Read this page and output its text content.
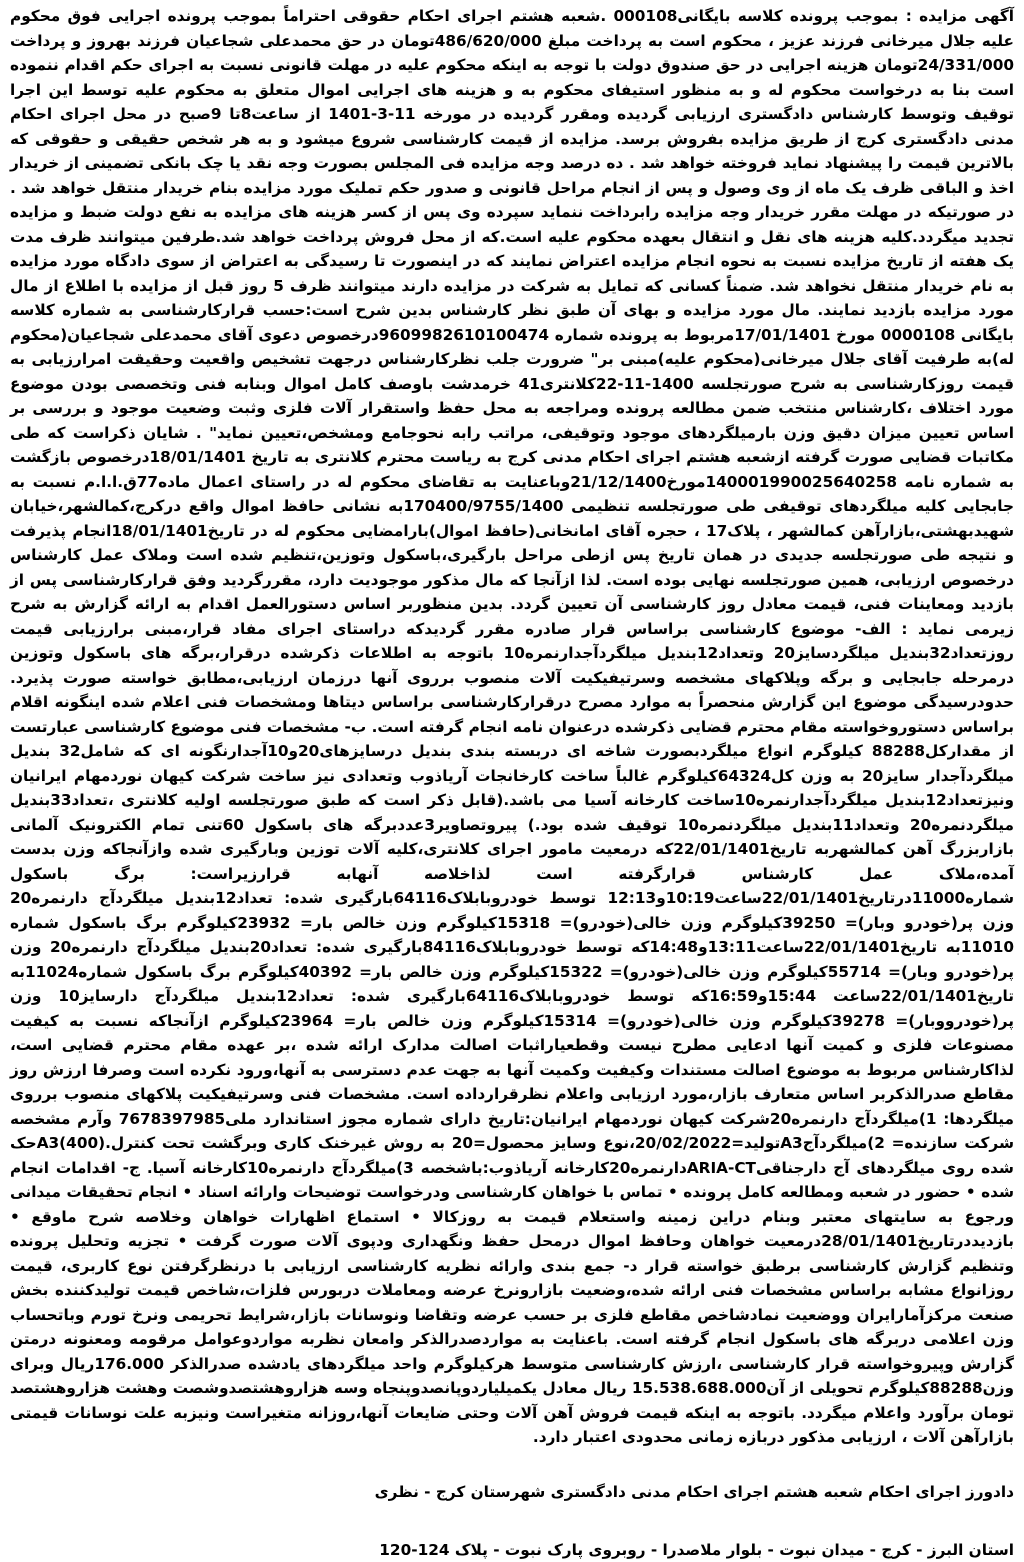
آگهی مزایده : بموجب پرونده کلاسه بایگانی000108 .شعبه هشتم اجرای احکام حقوقی احتراماً بموجب پرونده اجرایی فوق محکوم علیه جلال میرخانی فرزند عزیز ، محکوم است به پرداخت مبلغ 486/620/000تومان در حق محمدعلی شجاعیان فرزند بهروز و پرداخت 24/331/000تومان هزینه اجرایی در حق صندوق دولت با توجه به اینکه محکوم علیه در مهلت قانونی نسبت به اجرای حکم اقدام ننموده است بنا به درخواست محکوم له و به منظور استیفای محکوم به و هزینه های اجرایی اموال متعلق به محکوم علیه توسط این اجرا توقیف وتوسط کارشناس دادگستری ارزیابی گردیده ومقرر گردیده در مورخه 11-3-1401 از ساعت8تا 9صبح در محل اجرای احکام مدنی دادگستری کرج از طریق مزایده بفروش برسد. مزایده از قیمت کارشناسی شروع میشود و به هر شخص حقیقی و حقوقی که بالاترین قیمت را پیشنهاد نماید فروخته خواهد شد . ده درصد وجه مزایده فی المجلس بصورت وجه نقد یا چک بانکی تضمینی از خریدار اخذ و الباقی ظرف یک ماه از وی وصول و پس از انجام مراحل قانونی و صدور حکم تملیک مورد مزایده بنام خریدار منتقل خواهد شد . در صورتیکه در مهلت مقرر خریدار وجه مزایده رابرداخت ننماید سپرده وی پس از کسر هزینه های مزایده به نفع دولت ضبط و مزایده تجدید میگردد.کلیه هزینه های نقل و انتقال بعهده محکوم علیه است.که از محل فروش پرداخت خواهد شد.طرفین میتوانند ظرف مدت یک هفته از تاریخ مزایده نسبت به نحوه انجام مزایده اعتراض نمایند که در اینصورت تا رسیدگی به اعتراض از سوی دادگاه مورد مزایده به نام خریدار منتقل نخواهد شد. ضمناً کسانی که تمایل به شرکت در مزایده دارند میتوانند ظرف 5 روز قبل از مزایده با اطلاع از مال مورد مزایده بازدید نمایند. مال مورد مزایده و بهای آن طبق نظر کارشناس بدین شرح است:حسب قرارکارشناسی به شماره کلاسه بایگانی 0000108 مورخ 17/01/1401مربوط به پرونده شماره 9609982610100474درخصوص دعوی آقای محمدعلی شجاعیان(محکوم له)به طرفیت آقای جلال میرخانی(محکوم علیه)مبنی بر" ضرورت جلب نظرکارشناس درجهت تشخیص واقعیت وحقیقت امرارزیابی به قیمت روزکارشناسی به شرح صورتجلسه 1400-11-22کلانتری41 خرمدشت باوصف کامل اموال وبنابه فنی وتخصصی بودن موضوع مورد اختلاف ،کارشناس منتخب ضمن مطالعه پرونده ومراجعه به محل حفظ واستقرار آلات فلزی وثبت وضعیت موجود و بررسی بر اساس تعیین میزان دقیق وزن بارمیلگردهای موجود وتوقیفی، مراتب رابه نحوجامع ومشخص،تعیین نماید" . شایان ذکراست که طی مکاتبات قضایی صورت گرفته ازشعبه هشتم اجرای احکام مدنی کرج به ریاست محترم کلانتری به تاریخ 18/01/1401درخصوص بازگشت به شماره نامه 140001990025640258مورخ21/12/1400وباعنایت به تقاضای محکوم له در راستای اعمال ماده77ق.ا.ا.م نسبت به جابجایی کلیه میلگردهای توقیفی طی صورتجلسه تنظیمی 170400/9755/1400به نشانی حافظ اموال واقع درکرج،کمالشهر،خیابان شهیدبهشتی،بازارآهن کمالشهر ، پلاک17 ، حجره آقای امانخانی(حافظ اموال)بارامضایی محکوم له در تاریخ18/01/1401انجام پذیرفت و نتیجه طی صورتجلسه جدیدی در همان تاریخ پس ازطی مراحل بارگیری،باسکول وتوزین،تنظیم شده است وملاک عمل کارشناس درخصوص ارزیابی، همین صورتجلسه نهایی بوده است. لذا ازآنجا که مال مذکور موجودیت دارد، مقررگردید وفق قرارکارشناسی پس از بازدید ومعاینات فنی، قیمت معادل روز کارشناسی آن تعیین گردد. بدین منظوربر اساس دستورالعمل اقدام به ارائه گزارش به شرح زیرمی نماید : الف- موضوع کارشناسی براساس قرار صادره مقرر گردیدکه دراستای اجرای مفاد قرار،مبنی برارزیابی قیمت روزتعداد32بندیل میلگردسایز20 وتعداد12بندیل میلگردآجدارنمره10 باتوجه به اطلاعات ذکرشده درقرار،برگه های باسکول وتوزین درمرحله جابجایی و برگه وپلاکهای مشخصه وسرتیفیکیت آلات منصوب برروی آنها درزمان ارزیابی،مطابق خواسته صورت پذیرد. حدودرسیدگی موضوع این گزارش منحصراً به موارد مصرح درقرارکارشناسی براساس دیتاها ومشخصات فنی اعلام شده اینگونه اقلام براساس دستوروخواسته مقام محترم قضایی ذکرشده درعنوان نامه انجام گرفته است. ب- مشخصات فنی موضوع کارشناسی عبارتست از مقدارکل88288 کیلوگرم انواع میلگردبصورت شاخه ای دربسته بندی بندیل درسایزهای20و10آجدارنگونه ای که شامل32 بندیل میلگردآجدار سایز20 به وزن کل64324کیلوگرم غالباً ساخت کارخانجات آریاذوب وتعدادی نیز ساخت شرکت کیهان نوردمهام ایرانیان ونیزتعداد12بندیل میلگردآجدارنمره10ساخت کارخانه آسیا می باشد.(قابل ذکر است که طبق صورتجلسه اولیه کلانتری ،تعداد33بندیل میلگردنمره20 وتعداد11بندیل میلگردنمره10 توقیف شده بود.) پیروتصاویر3عددبرگه های باسکول 60تنی تمام الکترونیک آلمانی بازاربزرگ آهن کمالشهربه تاریخ22/01/1401که درمعیت مامور اجرای کلانتری،کلیه آلات توزین وبارگیری شده وازآنجاکه وزن بدست آمده،ملاک عمل کارشناس قرارگرفته است لذاخلاصه آنهابه قرارزیراست: برگ باسکول شماره11000درتاریخ22/01/1401ساعت10:19و12:13 توسط خودروبابلاک64116بارگیری شده: تعداد12بندیل میلگردآج دارنمره20 وزن پر(خودرو وبار)= 39250کیلوگرم وزن خالی(خودرو)= 15318کیلوگرم وزن خالص بار= 23932کیلوگرم برگ باسکول شماره 11010به تاریخ22/01/1401ساعت13:11و14:48که توسط خودروبابلاک84116بارگیری شده: تعداد20بندیل میلگردآج دارنمره20 وزن پر(خودرو وبار)= 55714کیلوگرم وزن خالی(خودرو)= 15322کیلوگرم وزن خالص بار= 40392کیلوگرم برگ باسکول شماره11024به تاریخ22/01/1401ساعت 15:44و16:59که توسط خودروبابلاک64116بارگیری شده: تعداد12بندیل میلگردآج دارسایز10 وزن پر(خودرووبار)= 39278کیلوگرم وزن خالی(خودرو)= 15314کیلوگرم وزن خالص بار= 23964کیلوگرم ازآنجاکه نسبت به کیفیت مصنوعات فلزی و کمیت آنها ادعایی مطرح نیست وقطعیاراثبات اصالت مدارک ارائه شده ،بر عهده مقام محترم قضایی است، لذاکارشناس مربوط به موضوع اصالت مستندات وکیفیت وکمیت آنها به جهت عدم دسترسی به آنها،ورود نکرده است وصرفا ارزش روز مقاطع صدرالذکربر اساس متعارف بازار،مورد ارزیابی واعلام نظرقرارداده است. مشخصات فنی وسرتیفیکیت پلاکهای منصوب برروی میلگردها: 1)میلگردآج دارنمره20شرکت کیهان نوردمهام ایرانیان:تاریخ دارای شماره مجوز استاندارد ملی7678397985 وآرم مشخصه شرکت سازنده= 2)میلگردآجA3تولید=20/02/2022،نوع وسایز محصول=20 به روش غیرخنک کاری وبرگشت تحت کنترل.(400)A3حک شده روی میلگردهای آج دارجناقیARIA-CTدارنمره20کارخانه آریاذوب:باشخصه 3)میلگردآج دارنمره10کارخانه آسیا. ج- اقدامات انجام شده • حضور در شعبه ومطالعه کامل پرونده • تماس با خواهان کارشناسی ودرخواست توضیحات وارائه اسناد • انجام تحقیقات میدانی ورجوع به سایتهای معتبر وبنام دراین زمینه واستعلام قیمت به روزکالا • استماع اظهارات خواهان وخلاصه شرح ماوقع • بازدیددرتاریخ28/01/1401درمعیت خواهان وحافظ اموال درمحل حفظ ونگهداری ودپوی آلات صورت گرفت • تجزیه وتحلیل پرونده وتنظیم گزارش کارشناسی برطبق خواسته قرار د- جمع بندی وارائه نظریه کارشناسی ارزیابی با درنظرگرفتن نوع کاربری، قیمت روزانواع مشابه براساس مشخصات فنی ارائه شده،وضعیت بازارونرخ عرضه ومعاملات دربورس فلزات،شاخص قیمت تولیدکننده بخش صنعت مرکزآمارایران ووضعیت نمادشاخص مقاطع فلزی بر حسب عرضه وتقاضا ونوسانات بازار،شرایط تحریمی ونرخ تورم وباتحساب وزن اعلامی دربرگه های باسکول انجام گرفته است. باعنایت به مواردصدرالذکر وامعان نظربه مواردوعوامل مرقومه ومعنونه درمتن گزارش وپیروخواسته قرار کارشناسی ،ارزش کارشناسی متوسط هرکیلوگرم واحد میلگردهای یادشده صدرالذکر 176.000ریال وبرای وزن88288کیلوگرم تحویلی از آن15.538.688.000 ریال معادل یکمیلیاردوپانصدوپنجاه وسه هزاروهشتصدوشصت وهشت هزاروهشتصد تومان برآورد واعلام میگردد. باتوجه به اینکه قیمت فروش آهن آلات وحتی ضایعات آنها،روزانه متغیراست ونیزبه علت نوسانات قیمتی بازارآهن آلات ، ارزیابی مذکور دربازه زمانی محدودی اعتبار دارد.

دادورز اجرای احکام شعبه هشتم اجرای احکام مدنی دادگستری شهرستان کرج - نظری

استان البرز - کرج - میدان نبوت - بلوار ملاصدرا - روبروی پارک نبوت - پلاک 124-120
